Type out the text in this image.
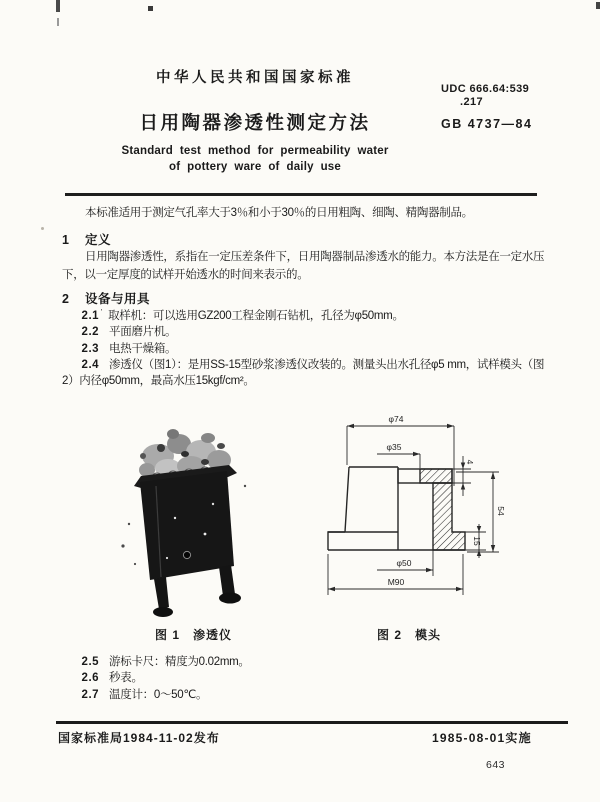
中华人民共和国国家标准
UDC 666.64:539
.217
日用陶器渗透性测定方法	GB 4737—84
Standard test method for permeability water
of pottery ware of daily use

本标准适用于测定气孔率大于3％和小于30％的日用粗陶、细陶、精陶器制品。

1 定义

日用陶器渗透性，系指在一定压差条件下，日用陶器制品渗透水的能力。本方法是在一定水压下，以一定厚度的试样开始透水的时间来表示的。

2 设备与用具

2.1 ' 取样机：可以选用GZ200工程金刚石钻机，孔径为φ50mm。

2.2 平面磨片机。

2.3 电热干燥箱。

2.4 渗透仪（图1）：是用SS-15型砂浆渗透仪改装的。测量头出水孔径φ5 mm，试样模头（图2）内径φ50mm，最高水压15kgf/cm²。

φ74
φ35
4
54
15
φ50
M90
图 1　渗透仪	图 2　模头

2.5 游标卡尺：精度为0.02mm。

2.6 秒表。

2.7 温度计：0～50℃。

国家标准局1984-11-02发布	1985-08-01实施
643
